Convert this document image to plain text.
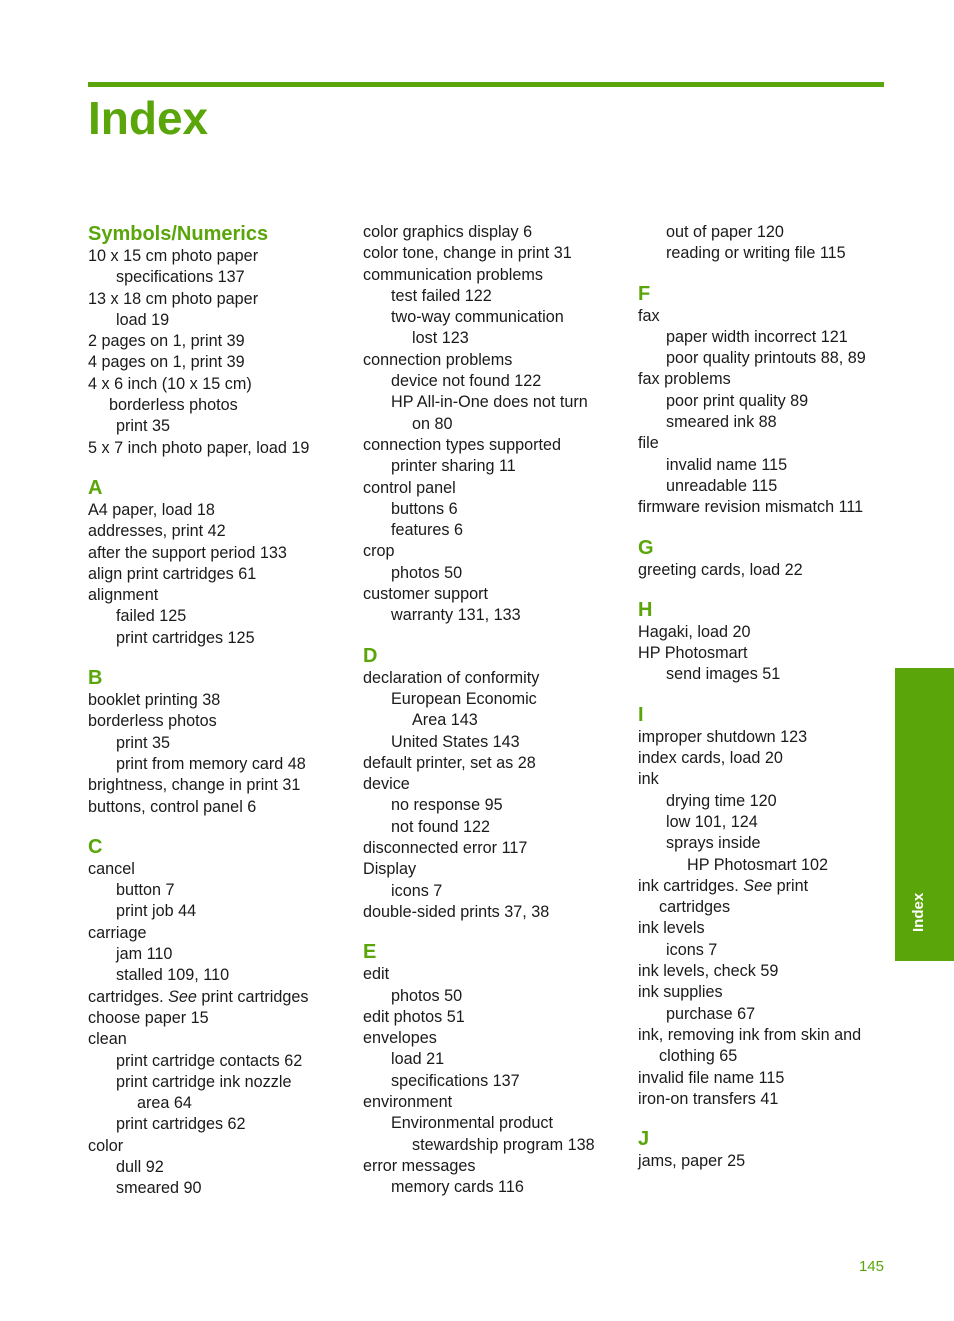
Index
Symbols/Numerics
10 x 15 cm photo paper
specifications 137
13 x 18 cm photo paper
load 19
2 pages on 1, print 39
4 pages on 1, print 39
4 x 6 inch (10 x 15 cm)
borderless photos
print 35
5 x 7 inch photo paper, load 19
A
A4 paper, load 18
addresses, print 42
after the support period 133
align print cartridges 61
alignment
failed 125
print cartridges 125
B
booklet printing 38
borderless photos
print 35
print from memory card 48
brightness, change in print 31
buttons, control panel 6
C
cancel
button 7
print job 44
carriage
jam 110
stalled 109, 110
cartridges. See print cartridges
choose paper 15
clean
print cartridge contacts 62
print cartridge ink nozzle
area 64
print cartridges 62
color
dull 92
smeared 90
color graphics display 6
color tone, change in print 31
communication problems
test failed 122
two-way communication
lost 123
connection problems
device not found 122
HP All-in-One does not turn
on 80
connection types supported
printer sharing 11
control panel
buttons 6
features 6
crop
photos 50
customer support
warranty 131, 133
D
declaration of conformity
European Economic
Area 143
United States 143
default printer, set as 28
device
no response 95
not found 122
disconnected error 117
Display
icons 7
double-sided prints 37, 38
E
edit
photos 50
edit photos 51
envelopes
load 21
specifications 137
environment
Environmental product
stewardship program 138
error messages
memory cards 116
out of paper 120
reading or writing file 115
F
fax
paper width incorrect 121
poor quality printouts 88, 89
fax problems
poor print quality 89
smeared ink 88
file
invalid name 115
unreadable 115
firmware revision mismatch 111
G
greeting cards, load 22
H
Hagaki, load 20
HP Photosmart
send images 51
I
improper shutdown 123
index cards, load 20
ink
drying time 120
low 101, 124
sprays inside
HP Photosmart 102
ink cartridges. See print
cartridges
ink levels
icons 7
ink levels, check 59
ink supplies
purchase 67
ink, removing ink from skin and
clothing 65
invalid file name 115
iron-on transfers 41
J
jams, paper 25
Index
145
